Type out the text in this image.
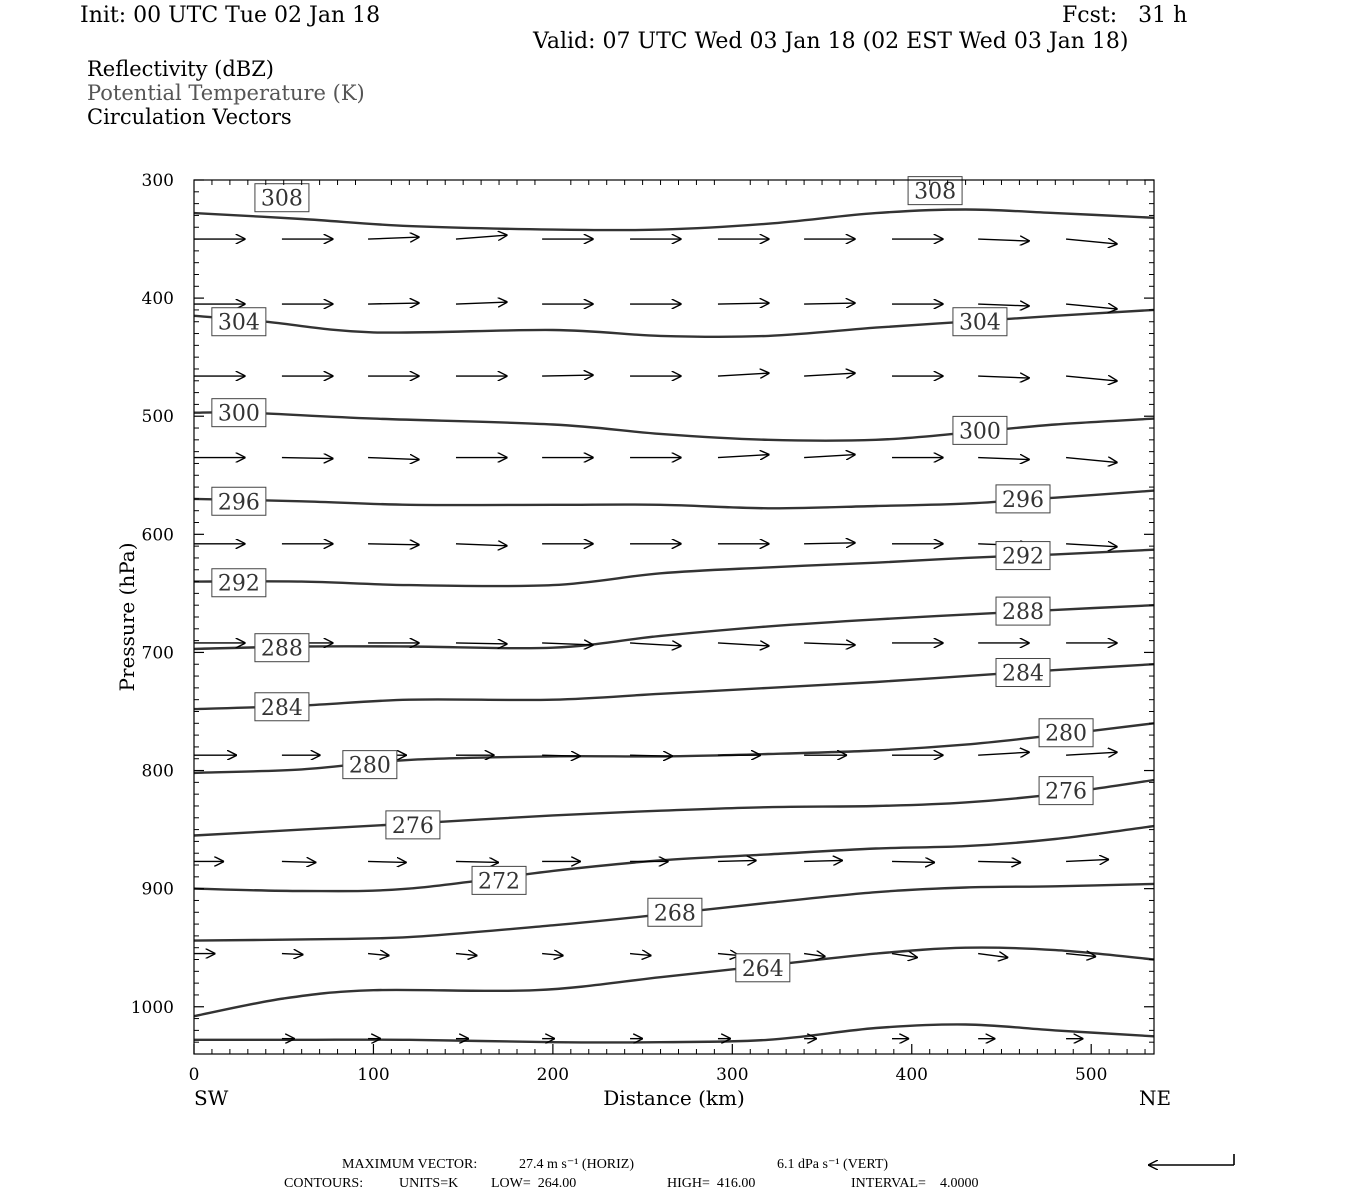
Init: 00 UTC Tue 02 Jan 18	Fcst:   31 h
Valid: 07 UTC Wed 03 Jan 18 (02 EST Wed 03 Jan 18)
Reflectivity (dBZ)
Potential Temperature (K)
Circulation Vectors
308	308
304	304
300
300
296	296
292
292
288
288
284
284
280
280
276
276
272
268
264
0	100	200	300	400	500
300
400
500
600
700
800
900
1000
Distance (km)
Pressure (hPa)
SW	NE
MAXIMUM VECTOR:	27.4 m s⁻¹ (HORIZ)	6.1 dPa s⁻¹ (VERT)
CONTOURS:	UNITS=K LOW=  264.00	HIGH=  416.00	INTERVAL=    4.0000
